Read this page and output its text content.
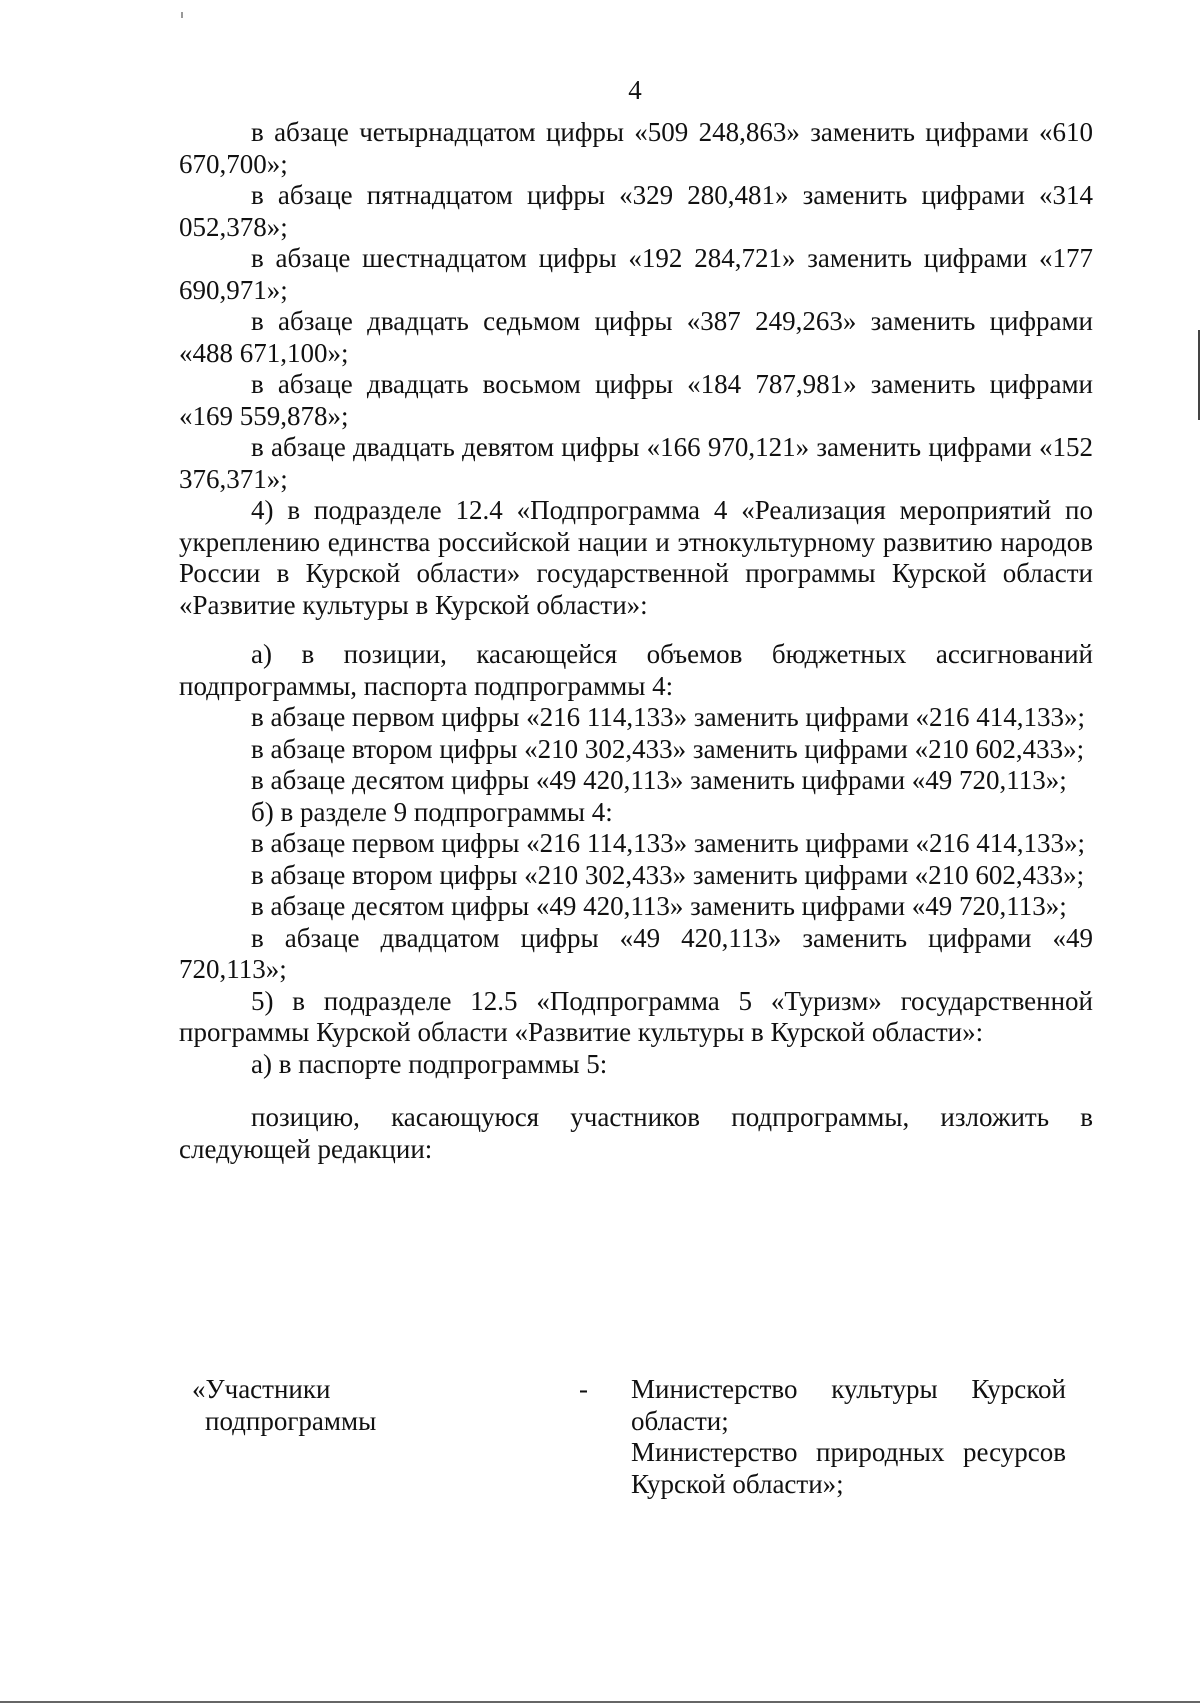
4

в абзаце четырнадцатом цифры «509 248,863» заменить цифрами «610 670,700»;

в абзаце пятнадцатом цифры «329 280,481» заменить цифрами «314 052,378»;

в абзаце шестнадцатом цифры «192 284,721» заменить цифрами «177 690,971»;

в абзаце двадцать седьмом цифры «387 249,263» заменить цифрами «488 671,100»;

в абзаце двадцать восьмом цифры «184 787,981» заменить цифрами «169 559,878»;

в абзаце двадцать девятом цифры «166 970,121» заменить цифрами «152 376,371»;

4) в подразделе 12.4 «Подпрограмма 4 «Реализация мероприятий по укреплению единства российской нации и этнокультурному развитию народов России в Курской области» государственной программы Курской области «Развитие культуры в Курской области»:

а) в позиции, касающейся объемов бюджетных ассигнований подпрограммы, паспорта подпрограммы 4:

в абзаце первом цифры «216 114,133» заменить цифрами «216 414,133»;

в абзаце втором цифры «210 302,433» заменить цифрами «210 602,433»;

в абзаце десятом цифры «49 420,113» заменить цифрами «49 720,113»;

б) в разделе 9 подпрограммы 4:

в абзаце первом цифры «216 114,133» заменить цифрами «216 414,133»;

в абзаце втором цифры «210 302,433» заменить цифрами «210 602,433»;

в абзаце десятом цифры «49 420,113» заменить цифрами «49 720,113»;

в абзаце двадцатом цифры «49 420,113» заменить цифрами «49 720,113»;

5) в подразделе 12.5 «Подпрограмма 5 «Туризм» государственной программы Курской области «Развитие культуры в Курской области»:

а) в паспорте подпрограммы 5:

позицию, касающуюся участников подпрограммы, изложить в следующей редакции:

«Участники
подпрограммы
- Министерство культуры Курской области;
Министерство природных ресурсов Курской области»;
